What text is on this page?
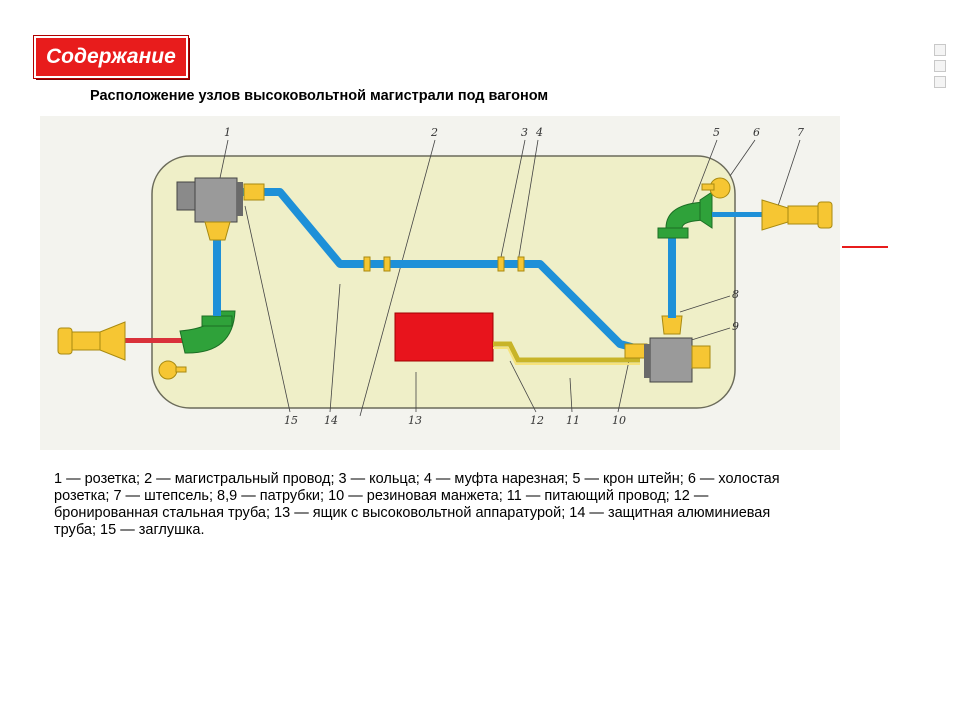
Содержание
Расположение узлов высоковольтной магистрали под вагоном
1	2	3 4	5	6	7
8
9
10
11
12
13
14
15
1 — розетка; 2 — магистральный провод; 3 — кольца; 4 — муфта нарезная; 5 — крон штейн; 6 — холостая розетка; 7 — штепсель; 8,9 — патрубки; 10 — резиновая манжета; 11 — питающий провод; 12 — бронированная стальная труба; 13 — ящик с высоковольтной аппаратурой; 14 — защитная алюминиевая труба; 15 — заглушка.
